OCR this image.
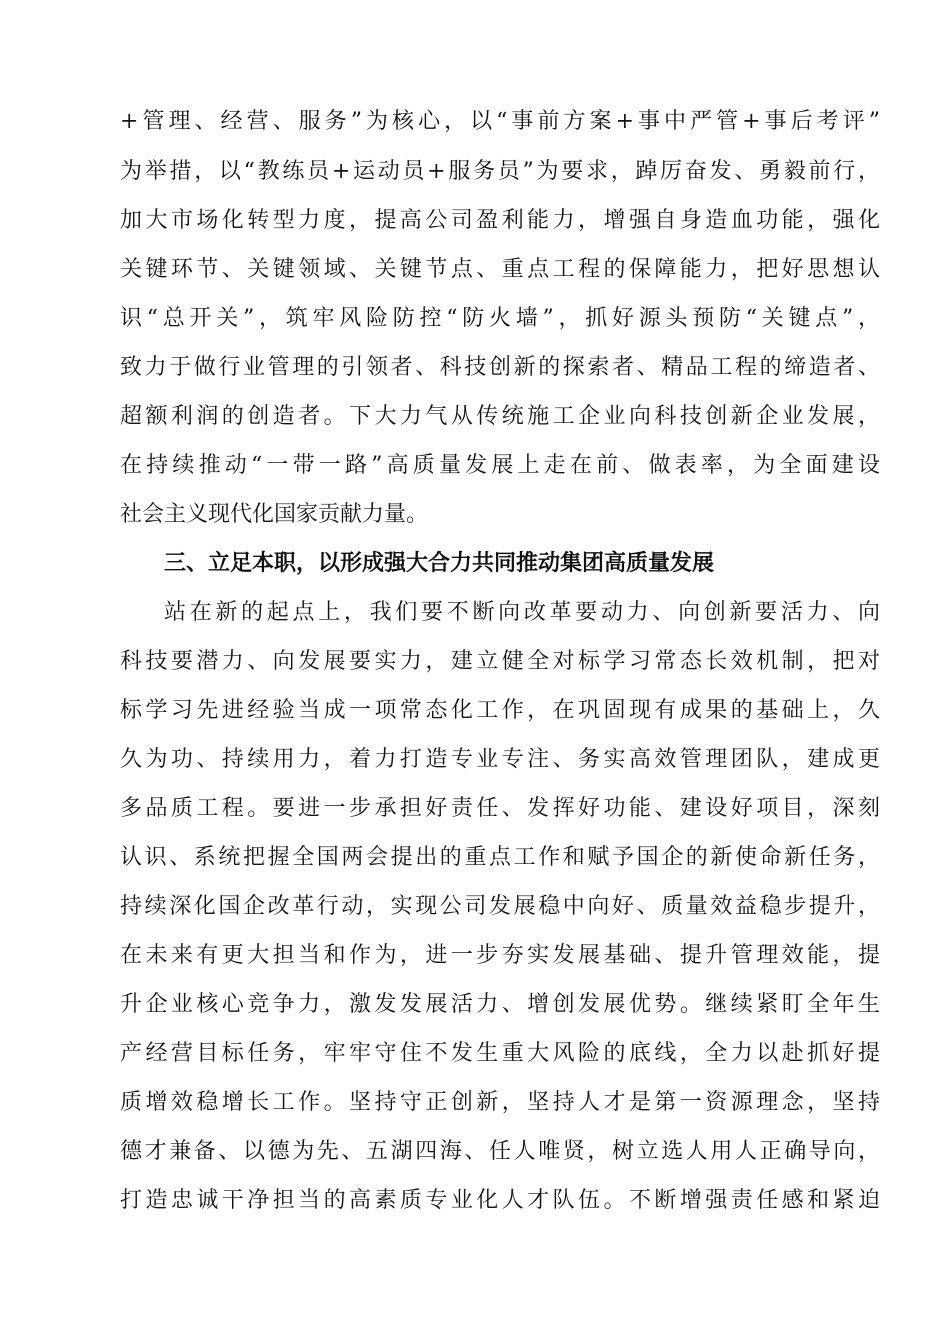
+管理、经营、服务”为核心，以“事前方案+事中严管+事后考评”
为举措，以“教练员+运动员+服务员”为要求，踔厉奋发、勇毅前行，
加大市场化转型力度，提高公司盈利能力，增强自身造血功能，强化
关键环节、关键领域、关键节点、重点工程的保障能力，把好思想认
识“总开关”，筑牢风险防控“防火墙”，抓好源头预防“关键点”，
致力于做行业管理的引领者、科技创新的探索者、精品工程的缔造者、
超额利润的创造者。下大力气从传统施工企业向科技创新企业发展，
在持续推动“一带一路”高质量发展上走在前、做表率，为全面建设
社会主义现代化国家贡献力量。
三、立足本职，以形成强大合力共同推动集团高质量发展
站在新的起点上，我们要不断向改革要动力、向创新要活力、向
科技要潜力、向发展要实力，建立健全对标学习常态长效机制，把对
标学习先进经验当成一项常态化工作，在巩固现有成果的基础上，久
久为功、持续用力，着力打造专业专注、务实高效管理团队，建成更
多品质工程。要进一步承担好责任、发挥好功能、建设好项目，深刻
认识、系统把握全国两会提出的重点工作和赋予国企的新使命新任务，
持续深化国企改革行动，实现公司发展稳中向好、质量效益稳步提升，
在未来有更大担当和作为，进一步夯实发展基础、提升管理效能，提
升企业核心竞争力，激发发展活力、增创发展优势。继续紧盯全年生
产经营目标任务，牢牢守住不发生重大风险的底线，全力以赴抓好提
质增效稳增长工作。坚持守正创新，坚持人才是第一资源理念，坚持
德才兼备、以德为先、五湖四海、任人唯贤，树立选人用人正确导向，
打造忠诚干净担当的高素质专业化人才队伍。不断增强责任感和紧迫
